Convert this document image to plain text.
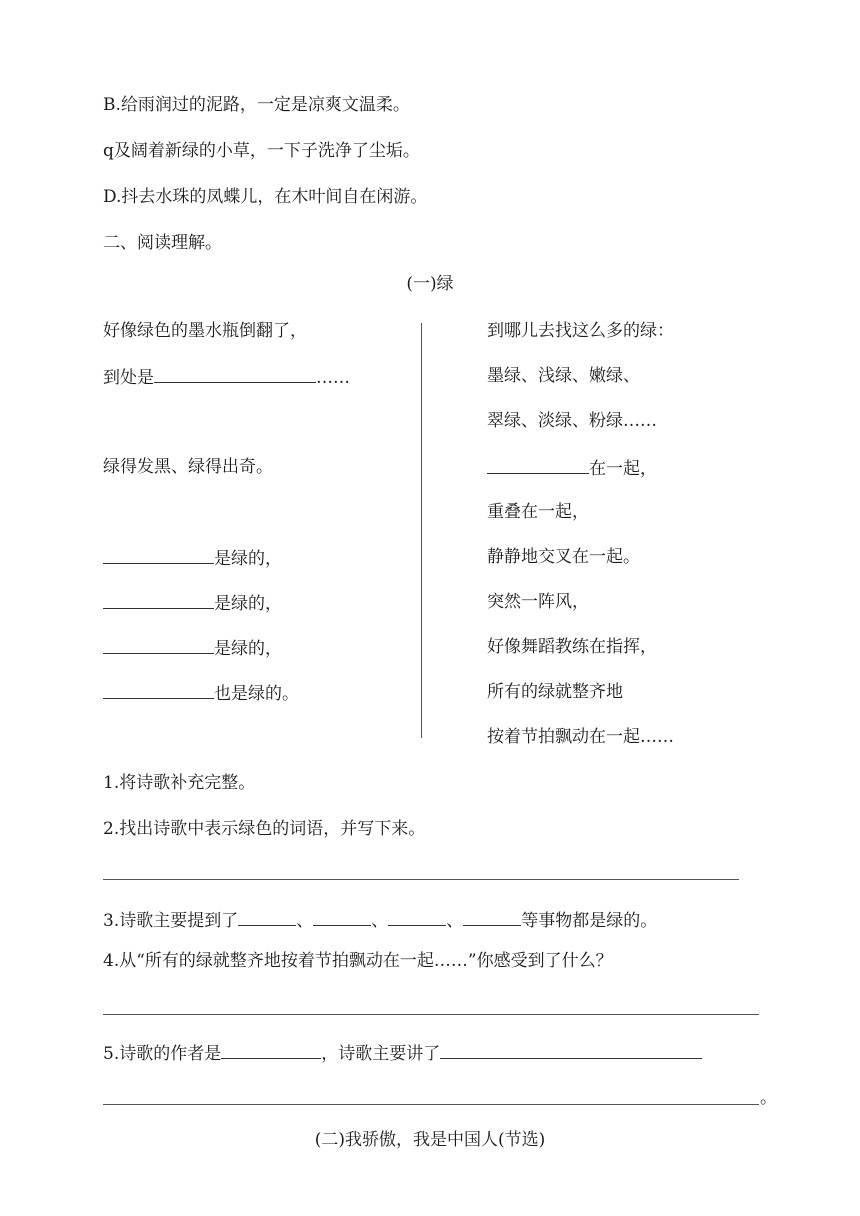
B.给雨润过的泥路，一定是凉爽文温柔。
q及阔着新绿的小草，一下子洗净了尘垢。
D.抖去水珠的凤蝶儿，在木叶间自在闲游。
二、阅读理解。
(一)绿
好像绿色的墨水瓶倒翻了，
到处是	……
绿得发黑、绿得出奇。
是绿的，
是绿的，
是绿的，
也是绿的。
到哪儿去找这么多的绿：
墨绿、浅绿、嫩绿、
翠绿、淡绿、粉绿……
在一起，
重叠在一起，
静静地交叉在一起。
突然一阵风，
好像舞蹈教练在指挥，
所有的绿就整齐地
按着节拍飘动在一起……
1.将诗歌补充完整。
2.找出诗歌中表示绿色的词语，并写下来。
3.诗歌主要提到了	、	、	、	等事物都是绿的。
4.从“所有的绿就整齐地按着节拍飘动在一起……”你感受到了什么？
5.诗歌的作者是	，诗歌主要讲了
。
(二)我骄傲，我是中国人(节选)
